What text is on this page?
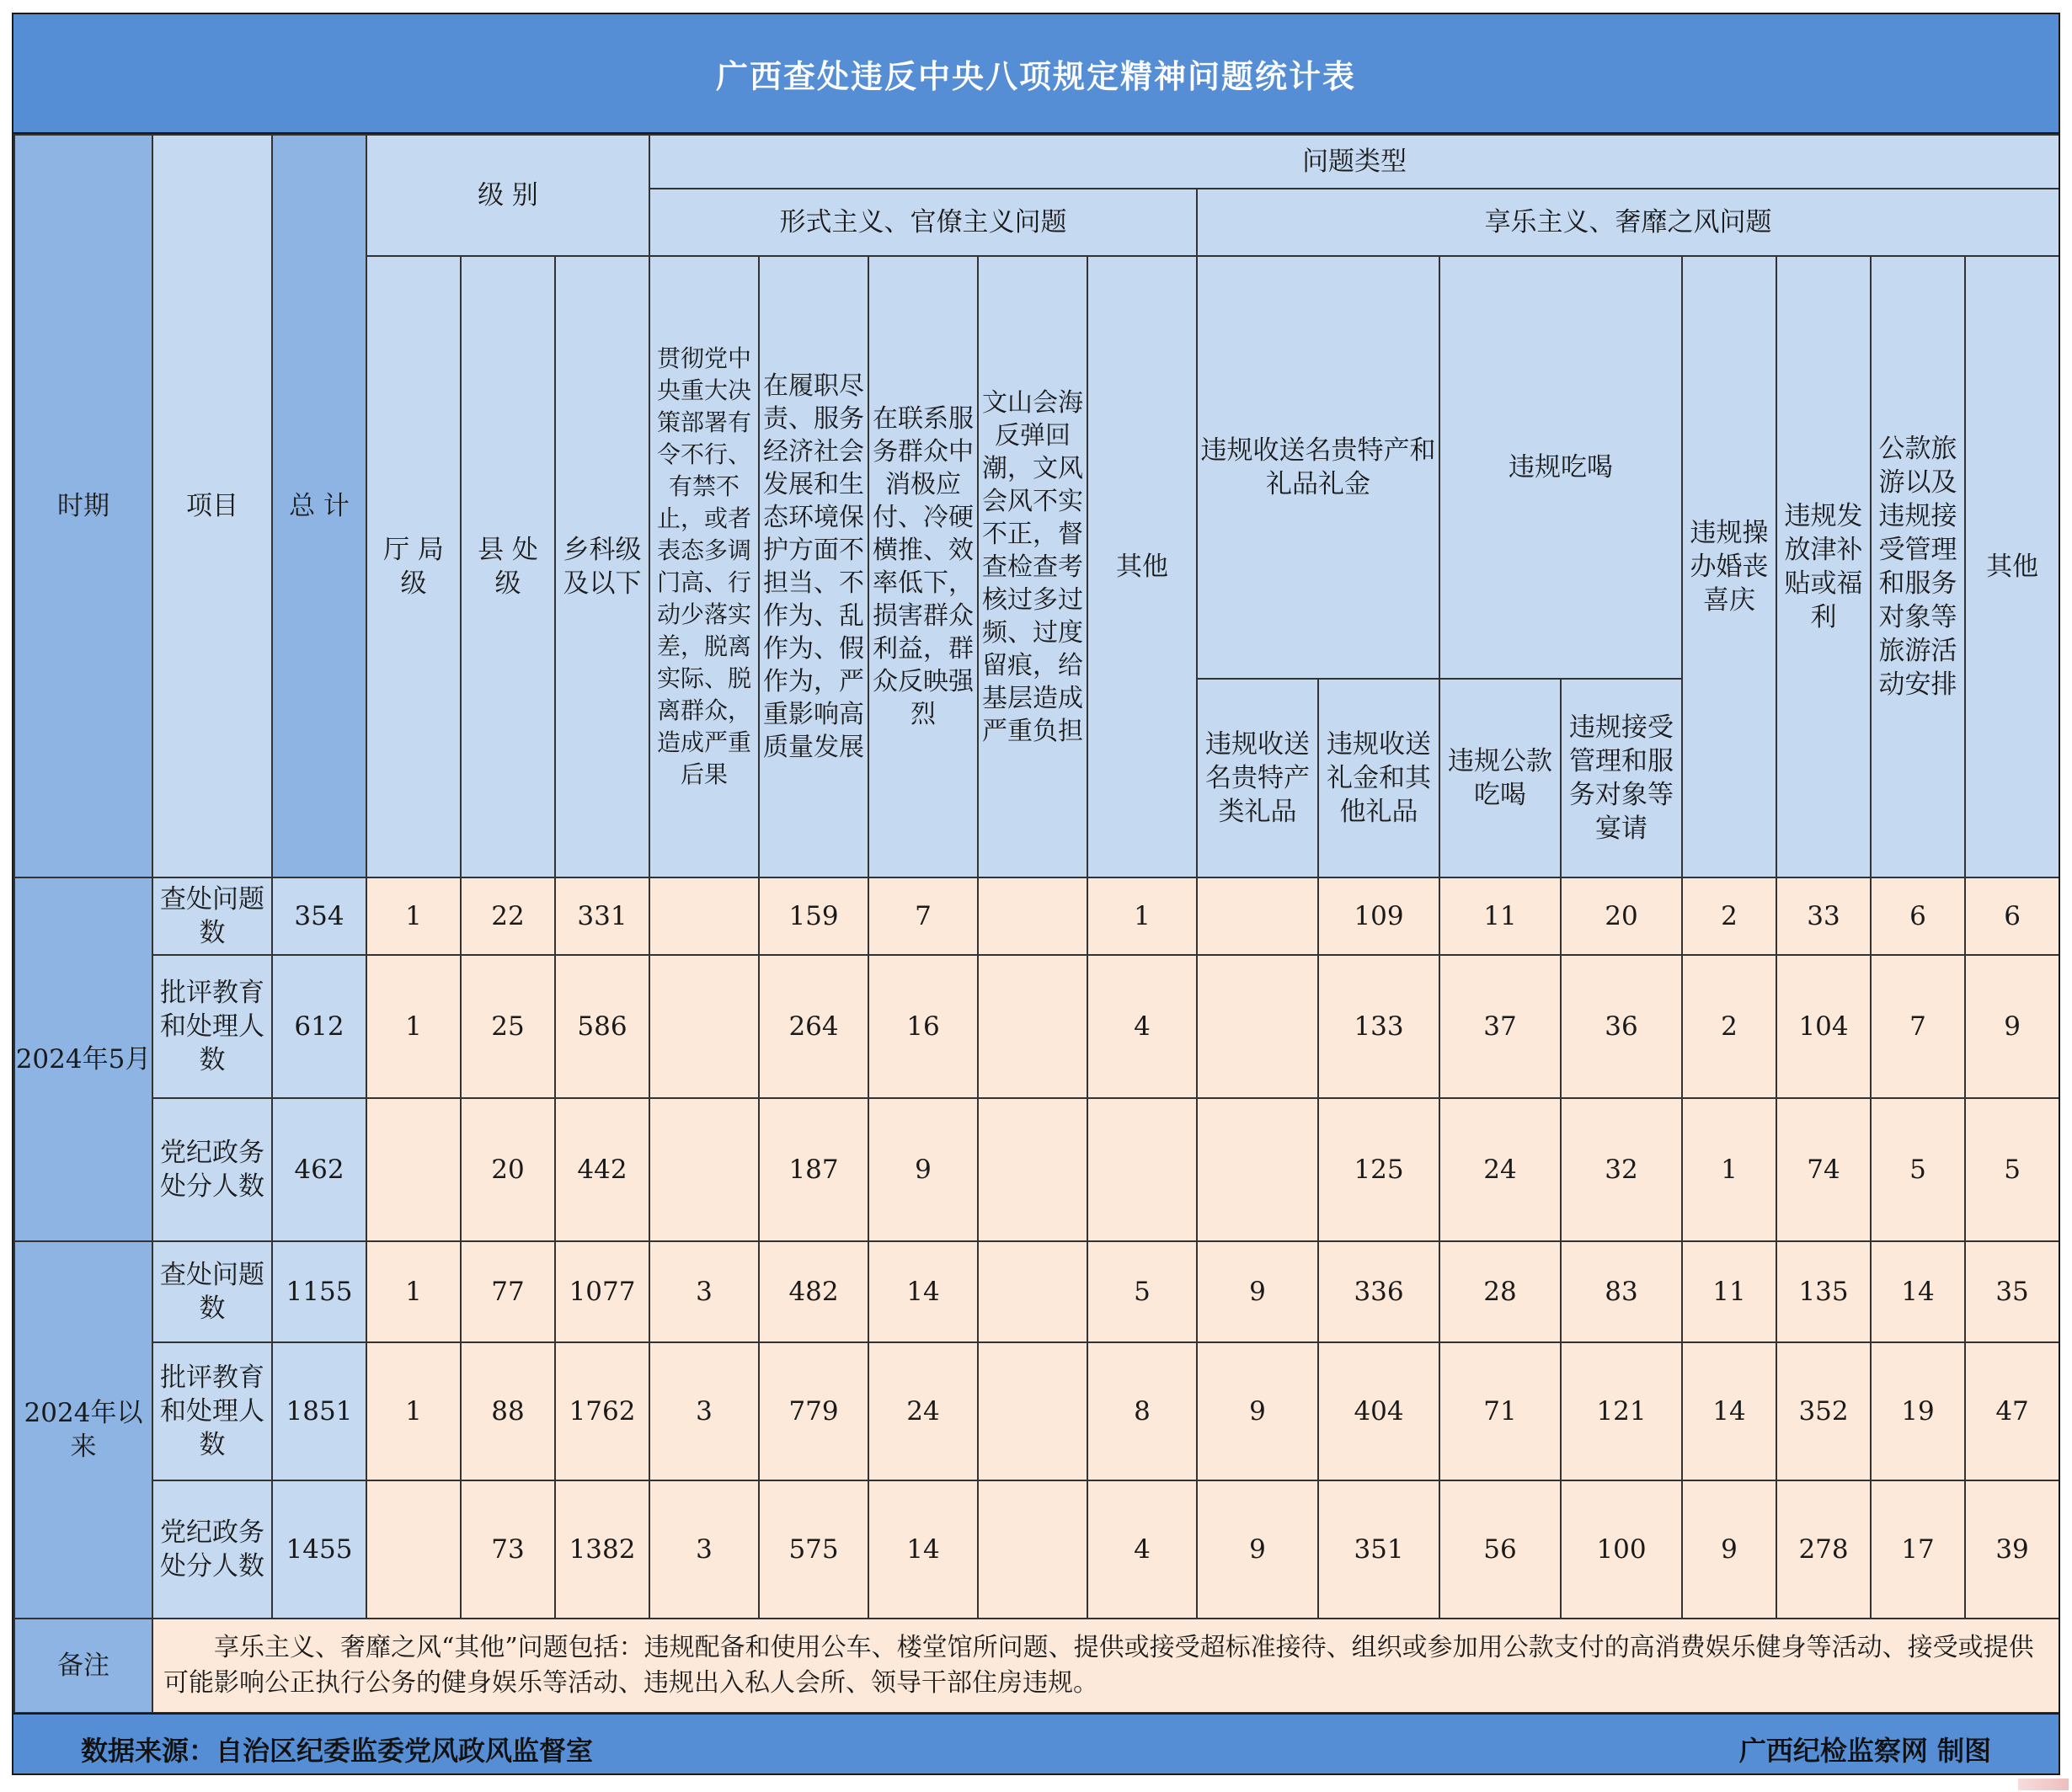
广西查处违反中央八项规定精神问题统计表
时期	项目	总 计	级 别			问题类型												
						形式主义、官僚主义问题					享乐主义、奢靡之风问题							
			厅 局 级	县 处 级	乡科级及以下	贯彻党中央重大决策部署有令不行、有禁不止，或者表态多调门高、行动少落实差，脱离实际、脱离群众，造成严重后果	在履职尽责、服务经济社会发展和生态环境保护方面不担当、不作为、乱作为、假作为，严重影响高质量发展	在联系服务群众中消极应付、冷硬横推、效率低下，损害群众利益，群众反映强烈	文山会海反弹回潮，文风会风不实不正，督查检查考核过多过频、过度留痕，给基层造成严重负担	其他	违规收送名贵特产和礼品礼金		违规吃喝		违规操办婚丧喜庆	违规发放津补贴或福利	公款旅游以及违规接受管理和服务对象等旅游活动安排	其他
											违规收送名贵特产类礼品	违规收送礼金和其他礼品	违规公款吃喝	违规接受管理和服务对象等宴请				
2024年5月	查处问题数	354	1	22	331		159	7		1		109	11	20	2	33	6	6
	批评教育和处理人数	612	1	25	586		264	16		4		133	37	36	2	104	7	9
	党纪政务处分人数	462		20	442		187	9				125	24	32	1	74	5	5
2024年以来	查处问题数	1155	1	77	1077	3	482	14		5	9	336	28	83	11	135	14	35
	批评教育和处理人数	1851	1	88	1762	3	779	24		8	9	404	71	121	14	352	19	47
	党纪政务处分人数	1455		73	1382	3	575	14		4	9	351	56	100	9	278	17	39
备注	享乐主义、奢靡之风“其他”问题包括：违规配备和使用公车、楼堂馆所问题、提供或接受超标准接待、组织或参加用公款支付的高消费娱乐健身等活动、接受或提供可能影响公正执行公务的健身娱乐等活动、违规出入私人会所、领导干部住房违规。																	
数据来源：自治区纪委监委党风政风监督室	广西纪检监察网 制图
